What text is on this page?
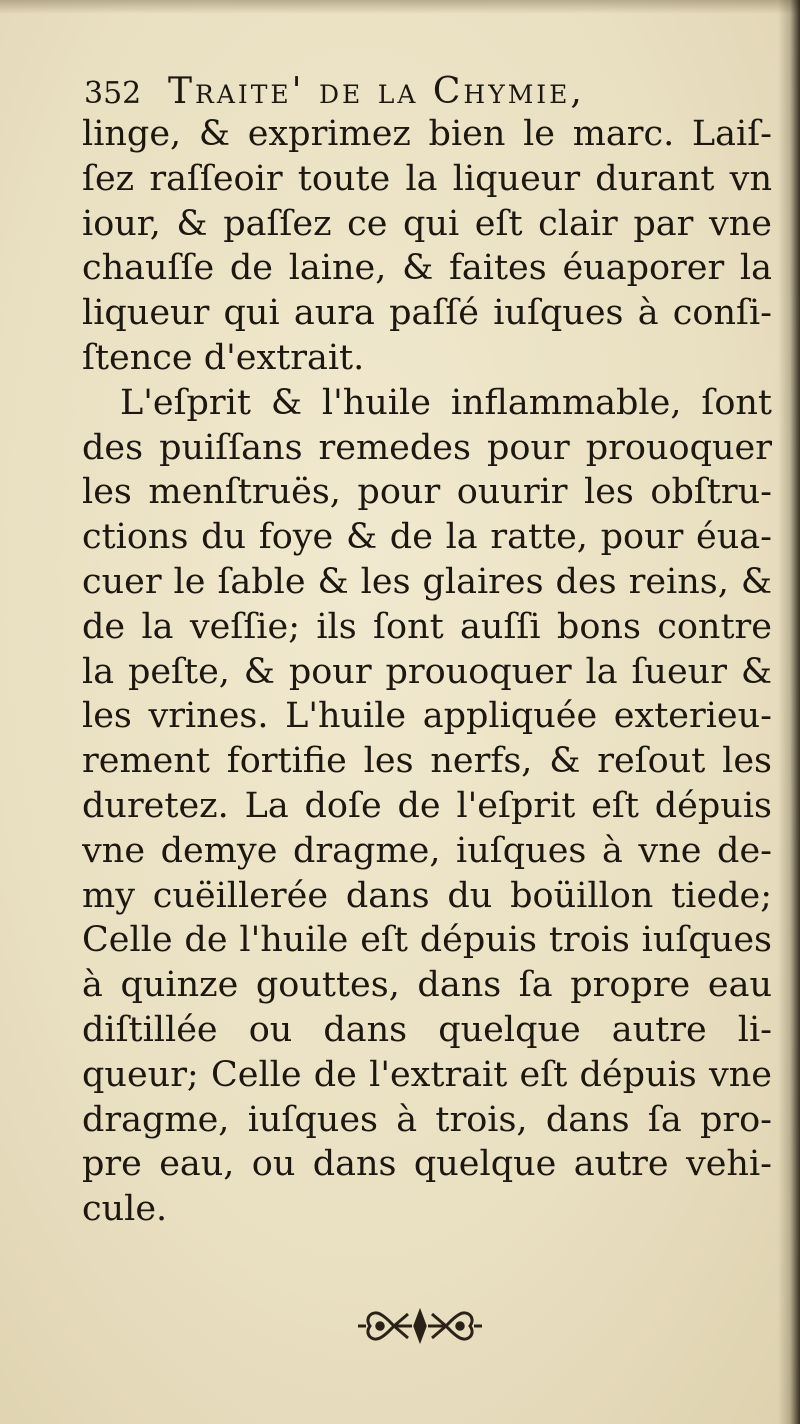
352 Traite' de la Chymie,
linge, & exprimez bien le marc. Laiſ-
ſez raſſeoir toute la liqueur durant vn
iour, & paſſez ce qui eſt clair par vne
chauſſe de laine, & faites éuaporer la
liqueur qui aura paſſé iuſques à conſi-
ſtence d'extrait.
L'eſprit & l'huile inflammable, ſont
des puiſſans remedes pour prouoquer
les menſtruës, pour ouurir les obſtru-
ctions du foye & de la ratte, pour éua-
cuer le ſable & les glaires des reins, &
de la veſſie; ils ſont auſſi bons contre
la peſte, & pour prouoquer la ſueur &
les vrines. L'huile appliquée exterieu-
rement fortifie les nerfs, & reſout les
duretez. La doſe de l'eſprit eſt dépuis
vne demye dragme, iuſques à vne de-
my cuëillerée dans du boüillon tiede;
Celle de l'huile eſt dépuis trois iuſques
à quinze gouttes, dans ſa propre eau
diſtillée ou dans quelque autre li-
queur; Celle de l'extrait eſt dépuis vne
dragme, iuſques à trois, dans ſa pro-
pre eau, ou dans quelque autre vehi-
cule.
